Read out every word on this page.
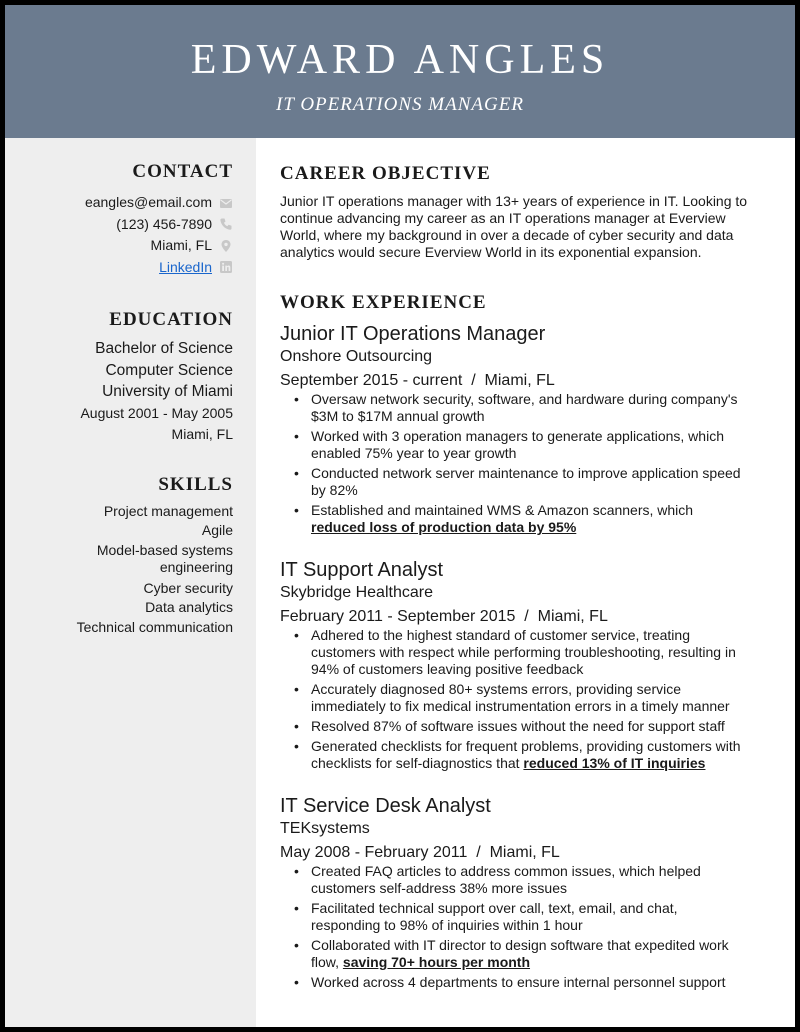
EDWARD ANGLES
IT OPERATIONS MANAGER
CONTACT
eangles@email.com
(123) 456-7890
Miami, FL
LinkedIn
EDUCATION
Bachelor of Science
Computer Science
University of Miami
August 2001 - May 2005
Miami, FL
SKILLS
Project management
Agile
Model-based systems
engineering
Cyber security
Data analytics
Technical communication
CAREER OBJECTIVE
Junior IT operations manager with 13+ years of experience in IT. Looking to continue advancing my career as an IT operations manager at Everview World, where my background in over a decade of cyber security and data analytics would secure Everview World in its exponential expansion.
WORK EXPERIENCE
Junior IT Operations Manager
Onshore Outsourcing
September 2015 - current  /  Miami, FL
• Oversaw network security, software, and hardware during company's $3M to $17M annual growth
• Worked with 3 operation managers to generate applications, which enabled 75% year to year growth
• Conducted network server maintenance to improve application speed by 82%
• Established and maintained WMS & Amazon scanners, which reduced loss of production data by 95%
IT Support Analyst
Skybridge Healthcare
February 2011 - September 2015  /  Miami, FL
• Adhered to the highest standard of customer service, treating customers with respect while performing troubleshooting, resulting in 94% of customers leaving positive feedback
• Accurately diagnosed 80+ systems errors, providing service immediately to fix medical instrumentation errors in a timely manner
• Resolved 87% of software issues without the need for support staff
• Generated checklists for frequent problems, providing customers with checklists for self-diagnostics that reduced 13% of IT inquiries
IT Service Desk Analyst
TEKsystems
May 2008 - February 2011  /  Miami, FL
• Created FAQ articles to address common issues, which helped customers self-address 38% more issues
• Facilitated technical support over call, text, email, and chat, responding to 98% of inquiries within 1 hour
• Collaborated with IT director to design software that expedited work flow, saving 70+ hours per month
• Worked across 4 departments to ensure internal personnel support
